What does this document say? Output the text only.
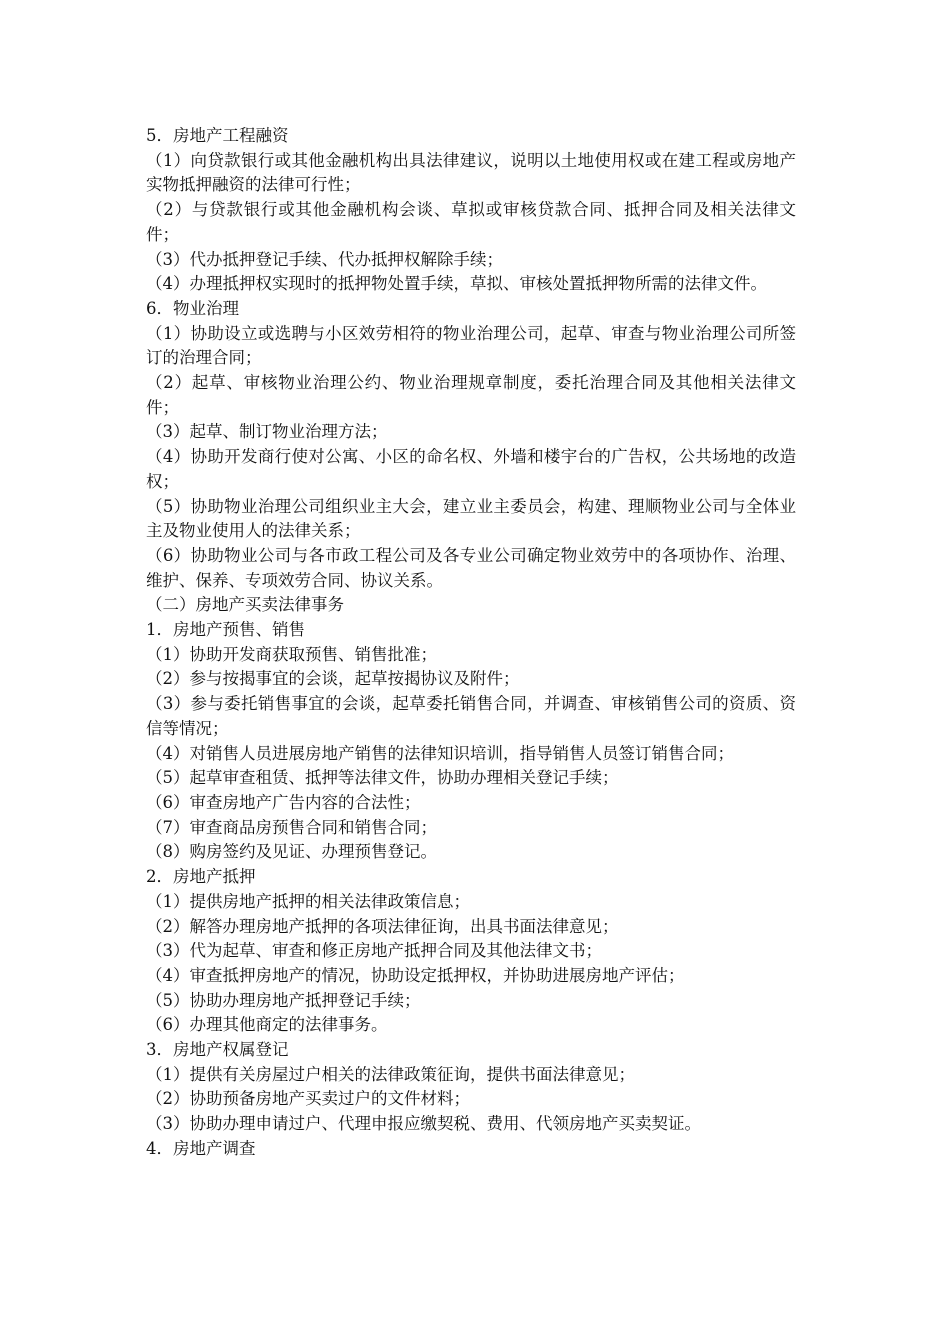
5．房地产工程融资

（1）向贷款银行或其他金融机构出具法律建议，说明以土地使用权或在建工程或房地产实物抵押融资的法律可行性；

（2）与贷款银行或其他金融机构会谈、草拟或审核贷款合同、抵押合同及相关法律文件；

（3）代办抵押登记手续、代办抵押权解除手续；

（4）办理抵押权实现时的抵押物处置手续，草拟、审核处置抵押物所需的法律文件。

6．物业治理

（1）协助设立或选聘与小区效劳相符的物业治理公司，起草、审查与物业治理公司所签订的治理合同；

（2）起草、审核物业治理公约、物业治理规章制度，委托治理合同及其他相关法律文件；

（3）起草、制订物业治理方法；

（4）协助开发商行使对公寓、小区的命名权、外墙和楼宇台的广告权，公共场地的改造权；

（5）协助物业治理公司组织业主大会，建立业主委员会，构建、理顺物业公司与全体业主及物业使用人的法律关系；

（6）协助物业公司与各市政工程公司及各专业公司确定物业效劳中的各项协作、治理、维护、保养、专项效劳合同、协议关系。

（二）房地产买卖法律事务

1．房地产预售、销售

（1）协助开发商获取预售、销售批准；

（2）参与按揭事宜的会谈，起草按揭协议及附件；

（3）参与委托销售事宜的会谈，起草委托销售合同，并调查、审核销售公司的资质、资信等情况；

（4）对销售人员进展房地产销售的法律知识培训，指导销售人员签订销售合同；

（5）起草审查租赁、抵押等法律文件，协助办理相关登记手续；

（6）审查房地产广告内容的合法性；

（7）审查商品房预售合同和销售合同；

（8）购房签约及见证、办理预售登记。

2．房地产抵押

（1）提供房地产抵押的相关法律政策信息；

（2）解答办理房地产抵押的各项法律征询，出具书面法律意见；

（3）代为起草、审查和修正房地产抵押合同及其他法律文书；

（4）审查抵押房地产的情况，协助设定抵押权，并协助进展房地产评估；

（5）协助办理房地产抵押登记手续；

（6）办理其他商定的法律事务。

3．房地产权属登记

（1）提供有关房屋过户相关的法律政策征询，提供书面法律意见；

（2）协助预备房地产买卖过户的文件材料；

（3）协助办理申请过户、代理申报应缴契税、费用、代领房地产买卖契证。

4．房地产调查
